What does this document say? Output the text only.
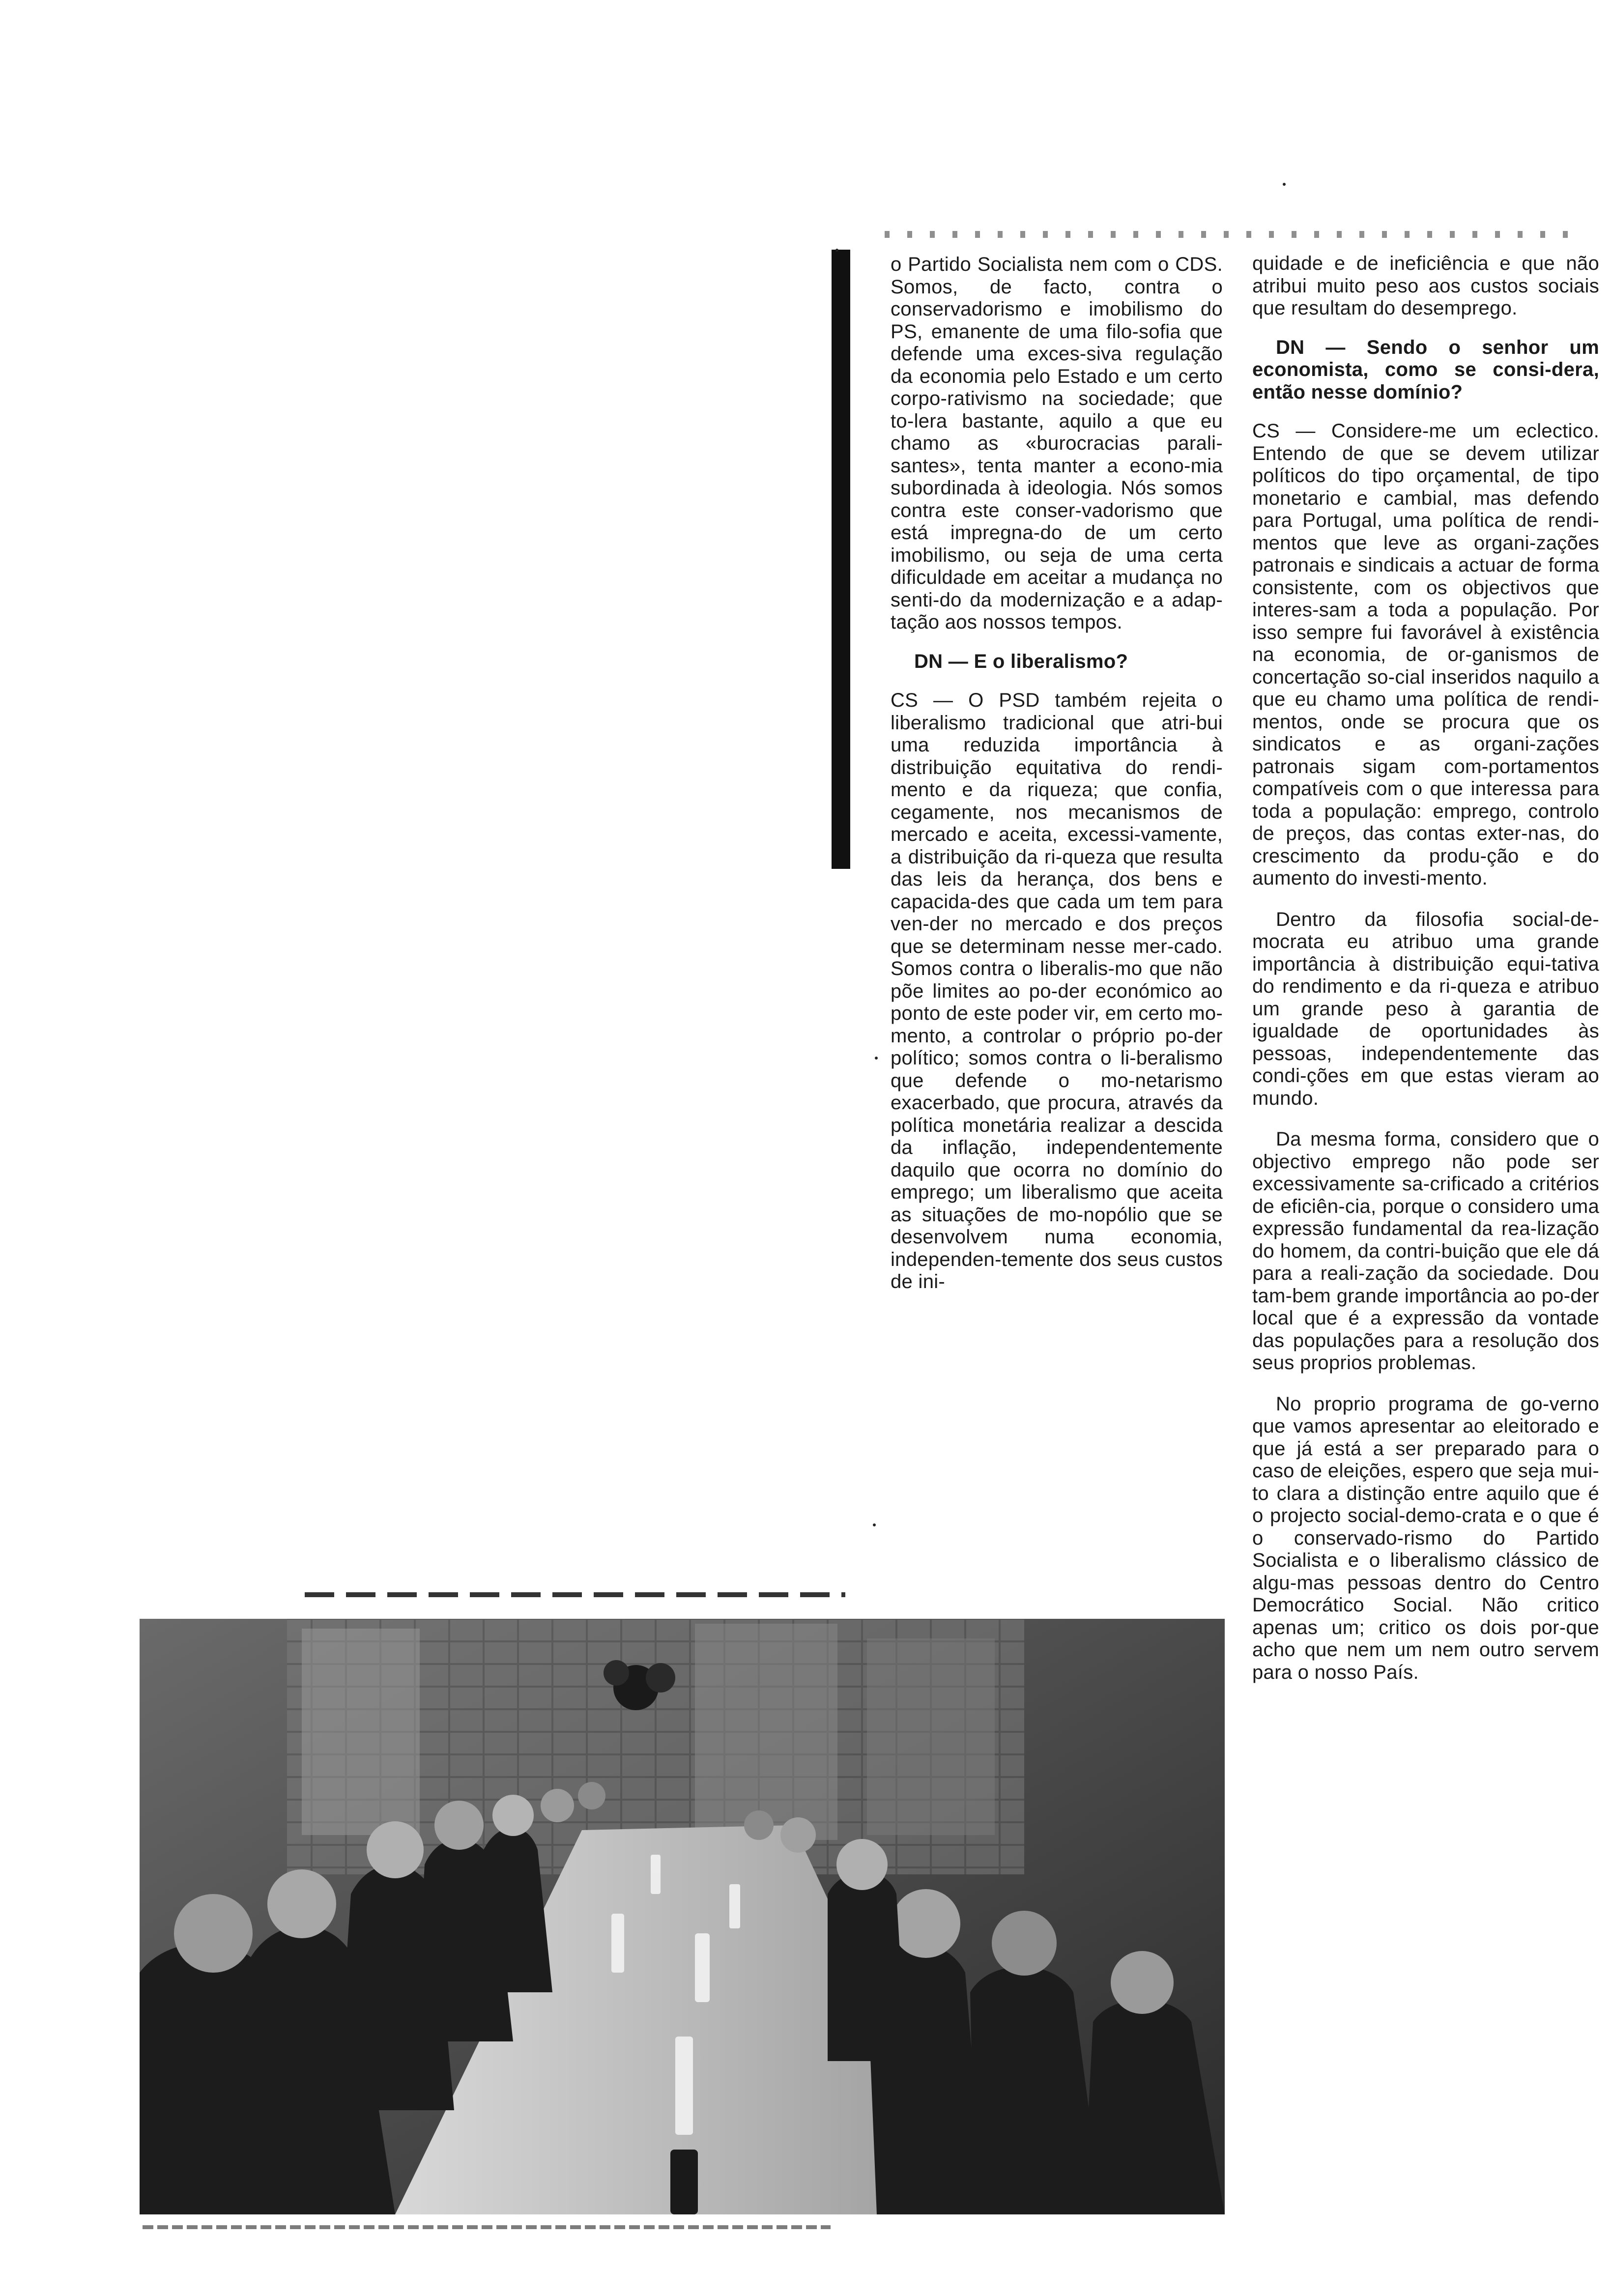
o Partido Socialista nem com o CDS. Somos, de facto, contra o conservadorismo e imobilismo do PS, emanente de uma filo-sofia que defende uma exces-siva regulação da economia pelo Estado e um certo corpo-rativismo na sociedade; que to-lera bastante, aquilo a que eu chamo as «burocracias parali-santes», tenta manter a econo-mia subordinada à ideologia. Nós somos contra este conser-vadorismo que está impregna-do de um certo imobilismo, ou seja de uma certa dificuldade em aceitar a mudança no senti-do da modernização e a adap-tação aos nossos tempos.

DN — E o liberalismo?

CS — O PSD também rejeita o liberalismo tradicional que atri-bui uma reduzida importância à distribuição equitativa do rendi-mento e da riqueza; que confia, cegamente, nos mecanismos de mercado e aceita, excessi-vamente, a distribuição da ri-queza que resulta das leis da herança, dos bens e capacida-des que cada um tem para ven-der no mercado e dos preços que se determinam nesse mer-cado. Somos contra o liberalis-mo que não põe limites ao po-der económico ao ponto de este poder vir, em certo mo-mento, a controlar o próprio po-der político; somos contra o li-beralismo que defende o mo-netarismo exacerbado, que procura, através da política monetária realizar a descida da inflação, independentemente daquilo que ocorra no domínio do emprego; um liberalismo que aceita as situações de mo-nopólio que se desenvolvem numa economia, independen-temente dos seus custos de ini-

quidade e de ineficiência e que não atribui muito peso aos custos sociais que resultam do desemprego.

DN — Sendo o senhor um economista, como se consi-dera, então nesse domínio?

CS — Considere-me um eclectico. Entendo de que se devem utilizar políticos do tipo orçamental, de tipo monetario e cambial, mas defendo para Portugal, uma política de rendi-mentos que leve as organi-zações patronais e sindicais a actuar de forma consistente, com os objectivos que interes-sam a toda a população. Por isso sempre fui favorável à existência na economia, de or-ganismos de concertação so-cial inseridos naquilo a que eu chamo uma política de rendi-mentos, onde se procura que os sindicatos e as organi-zações patronais sigam com-portamentos compatíveis com o que interessa para toda a população: emprego, controlo de preços, das contas exter-nas, do crescimento da produ-ção e do aumento do investi-mento.

Dentro da filosofia social-de-mocrata eu atribuo uma grande importância à distribuição equi-tativa do rendimento e da ri-queza e atribuo um grande peso à garantia de igualdade de oportunidades às pessoas, independentemente das condi-ções em que estas vieram ao mundo.

Da mesma forma, considero que o objectivo emprego não pode ser excessivamente sa-crificado a critérios de eficiên-cia, porque o considero uma expressão fundamental da rea-lização do homem, da contri-buição que ele dá para a reali-zação da sociedade. Dou tam-bem grande importância ao po-der local que é a expressão da vontade das populações para a resolução dos seus proprios problemas.

No proprio programa de go-verno que vamos apresentar ao eleitorado e que já está a ser preparado para o caso de eleições, espero que seja mui-to clara a distinção entre aquilo que é o projecto social-demo-crata e o que é o conservado-rismo do Partido Socialista e o liberalismo clássico de algu-mas pessoas dentro do Centro Democrático Social. Não critico apenas um; critico os dois por-que acho que nem um nem outro servem para o nosso País.
